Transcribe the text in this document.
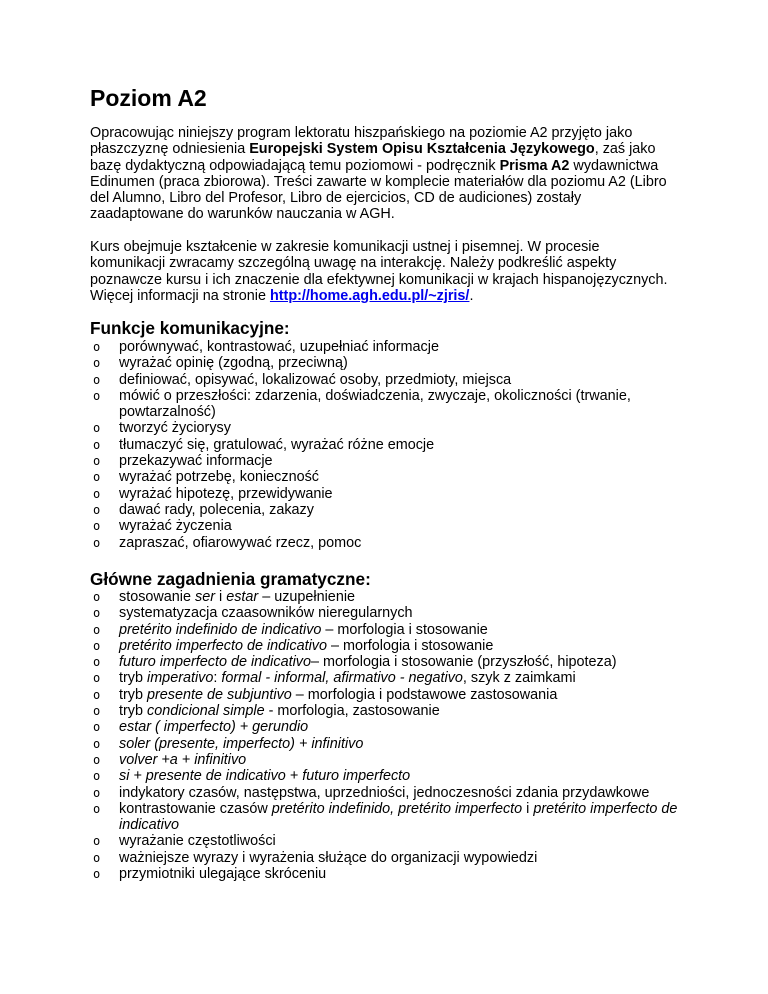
Poziom A2

Opracowując niniejszy program lektoratu hiszpańskiego na poziomie A2 przyjęto jako płaszczyznę odniesienia Europejski System Opisu Kształcenia Językowego, zaś jako bazę dydaktyczną odpowiadającą temu poziomowi - podręcznik Prisma A2 wydawnictwa Edinumen (praca zbiorowa). Treści zawarte w komplecie materiałów dla poziomu A2 (Libro del Alumno, Libro del Profesor, Libro de ejercicios, CD de audiciones) zostały zaadaptowane do warunków nauczania w AGH.

Kurs obejmuje kształcenie w zakresie komunikacji ustnej i pisemnej. W procesie komunikacji zwracamy szczególną uwagę na interakcję. Należy podkreślić aspekty poznawcze kursu i ich znaczenie dla efektywnej komunikacji w krajach hispanojęzycznych. Więcej informacji na stronie http://home.agh.edu.pl/~zjris/.

Funkcje komunikacyjne:
o porównywać, kontrastować, uzupełniać informacje
o wyrażać opinię (zgodną, przeciwną)
o definiować, opisywać, lokalizować osoby, przedmioty, miejsca
o mówić o przeszłości: zdarzenia, doświadczenia, zwyczaje, okoliczności (trwanie, powtarzalność)
o tworzyć życiorysy
o tłumaczyć się, gratulować, wyrażać różne emocje
o przekazywać informacje
o wyrażać potrzebę, konieczność
o wyrażać hipotezę, przewidywanie
o dawać rady, polecenia, zakazy
o wyrażać życzenia
o zapraszać, ofiarowywać rzecz, pomoc
Główne zagadnienia gramatyczne:
o stosowanie ser i estar – uzupełnienie
o systematyzacja czaasowników nieregularnych
o pretérito indefinido de indicativo – morfologia i stosowanie
o pretérito imperfecto de indicativo – morfologia i stosowanie
o futuro imperfecto de indicativo– morfologia i stosowanie (przyszłość, hipoteza)
o tryb imperativo: formal - informal, afirmativo - negativo, szyk z zaimkami
o tryb presente de subjuntivo – morfologia i podstawowe zastosowania
o tryb condicional simple - morfologia, zastosowanie
o estar ( imperfecto) + gerundio
o soler (presente, imperfecto) + infinitivo
o volver +a + infinitivo
o si + presente de indicativo + futuro imperfecto
o indykatory czasów, następstwa, uprzedniości, jednoczesności zdania przydawkowe
o kontrastowanie czasów pretérito indefinido, pretérito imperfecto i pretérito imperfecto de indicativo
o wyrażanie częstotliwości
o ważniejsze wyrazy i wyrażenia służące do organizacji wypowiedzi
o przymiotniki ulegające skróceniu
